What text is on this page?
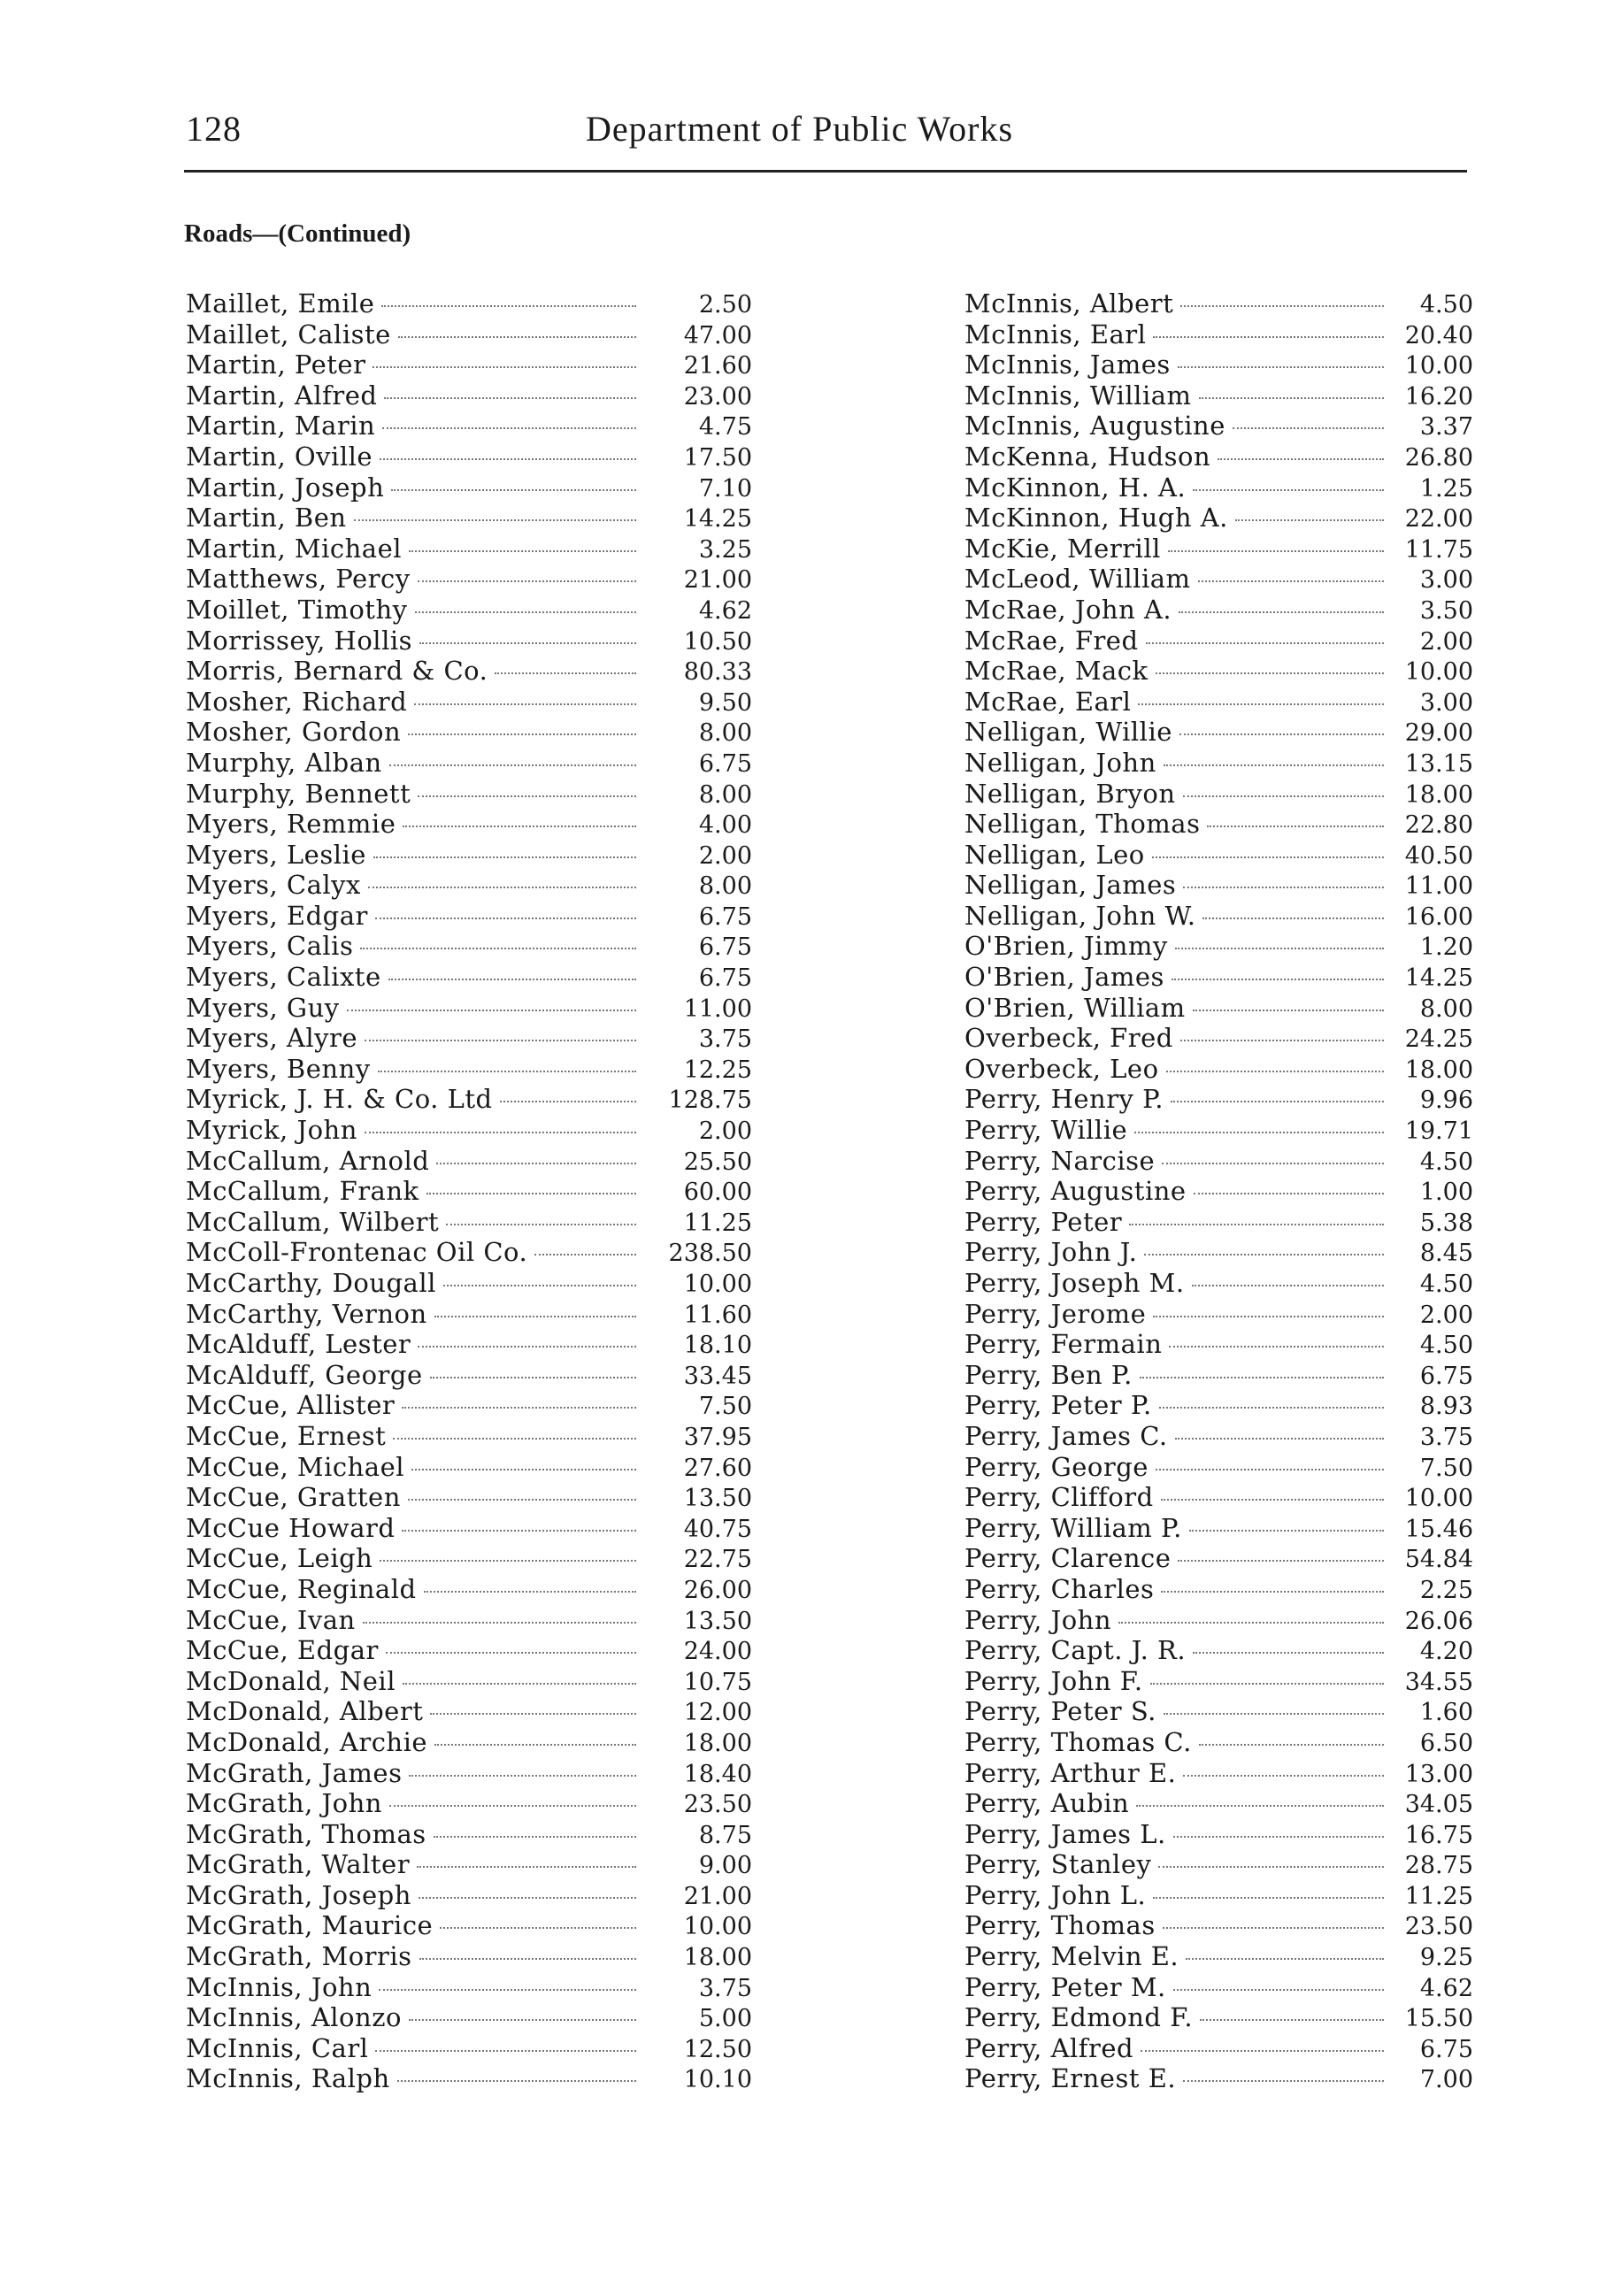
128	Department of Public Works
Roads—(Continued)
Maillet, Emile	2.50
Maillet, Caliste	47.00
Martin, Peter	21.60
Martin, Alfred	23.00
Martin, Marin	4.75
Martin, Oville	17.50
Martin, Joseph	7.10
Martin, Ben	14.25
Martin, Michael	3.25
Matthews, Percy	21.00
Moillet, Timothy	4.62
Morrissey, Hollis	10.50
Morris, Bernard & Co.	80.33
Mosher, Richard	9.50
Mosher, Gordon	8.00
Murphy, Alban	6.75
Murphy, Bennett	8.00
Myers, Remmie	4.00
Myers, Leslie	2.00
Myers, Calyx	8.00
Myers, Edgar	6.75
Myers, Calis	6.75
Myers, Calixte	6.75
Myers, Guy	11.00
Myers, Alyre	3.75
Myers, Benny	12.25
Myrick, J. H. & Co. Ltd	128.75
Myrick, John	2.00
McCallum, Arnold	25.50
McCallum, Frank	60.00
McCallum, Wilbert	11.25
McColl-Frontenac Oil Co.	238.50
McCarthy, Dougall	10.00
McCarthy, Vernon	11.60
McAlduff, Lester	18.10
McAlduff, George	33.45
McCue, Allister	7.50
McCue, Ernest	37.95
McCue, Michael	27.60
McCue, Gratten	13.50
McCue Howard	40.75
McCue, Leigh	22.75
McCue, Reginald	26.00
McCue, Ivan	13.50
McCue, Edgar	24.00
McDonald, Neil	10.75
McDonald, Albert	12.00
McDonald, Archie	18.00
McGrath, James	18.40
McGrath, John	23.50
McGrath, Thomas	8.75
McGrath, Walter	9.00
McGrath, Joseph	21.00
McGrath, Maurice	10.00
McGrath, Morris	18.00
McInnis, John	3.75
McInnis, Alonzo	5.00
McInnis, Carl	12.50
McInnis, Ralph	10.10
McInnis, Albert	4.50
McInnis, Earl	20.40
McInnis, James	10.00
McInnis, William	16.20
McInnis, Augustine	3.37
McKenna, Hudson	26.80
McKinnon, H. A.	1.25
McKinnon, Hugh A.	22.00
McKie, Merrill	11.75
McLeod, William	3.00
McRae, John A.	3.50
McRae, Fred	2.00
McRae, Mack	10.00
McRae, Earl	3.00
Nelligan, Willie	29.00
Nelligan, John	13.15
Nelligan, Bryon	18.00
Nelligan, Thomas	22.80
Nelligan, Leo	40.50
Nelligan, James	11.00
Nelligan, John W.	16.00
O'Brien, Jimmy	1.20
O'Brien, James	14.25
O'Brien, William	8.00
Overbeck, Fred	24.25
Overbeck, Leo	18.00
Perry, Henry P.	9.96
Perry, Willie	19.71
Perry, Narcise	4.50
Perry, Augustine	1.00
Perry, Peter	5.38
Perry, John J.	8.45
Perry, Joseph M.	4.50
Perry, Jerome	2.00
Perry, Fermain	4.50
Perry, Ben P.	6.75
Perry, Peter P.	8.93
Perry, James C.	3.75
Perry, George	7.50
Perry, Clifford	10.00
Perry, William P.	15.46
Perry, Clarence	54.84
Perry, Charles	2.25
Perry, John	26.06
Perry, Capt. J. R.	4.20
Perry, John F.	34.55
Perry, Peter S.	1.60
Perry, Thomas C.	6.50
Perry, Arthur E.	13.00
Perry, Aubin	34.05
Perry, James L.	16.75
Perry, Stanley	28.75
Perry, John L.	11.25
Perry, Thomas	23.50
Perry, Melvin E.	9.25
Perry, Peter M.	4.62
Perry, Edmond F.	15.50
Perry, Alfred	6.75
Perry, Ernest E.	7.00
